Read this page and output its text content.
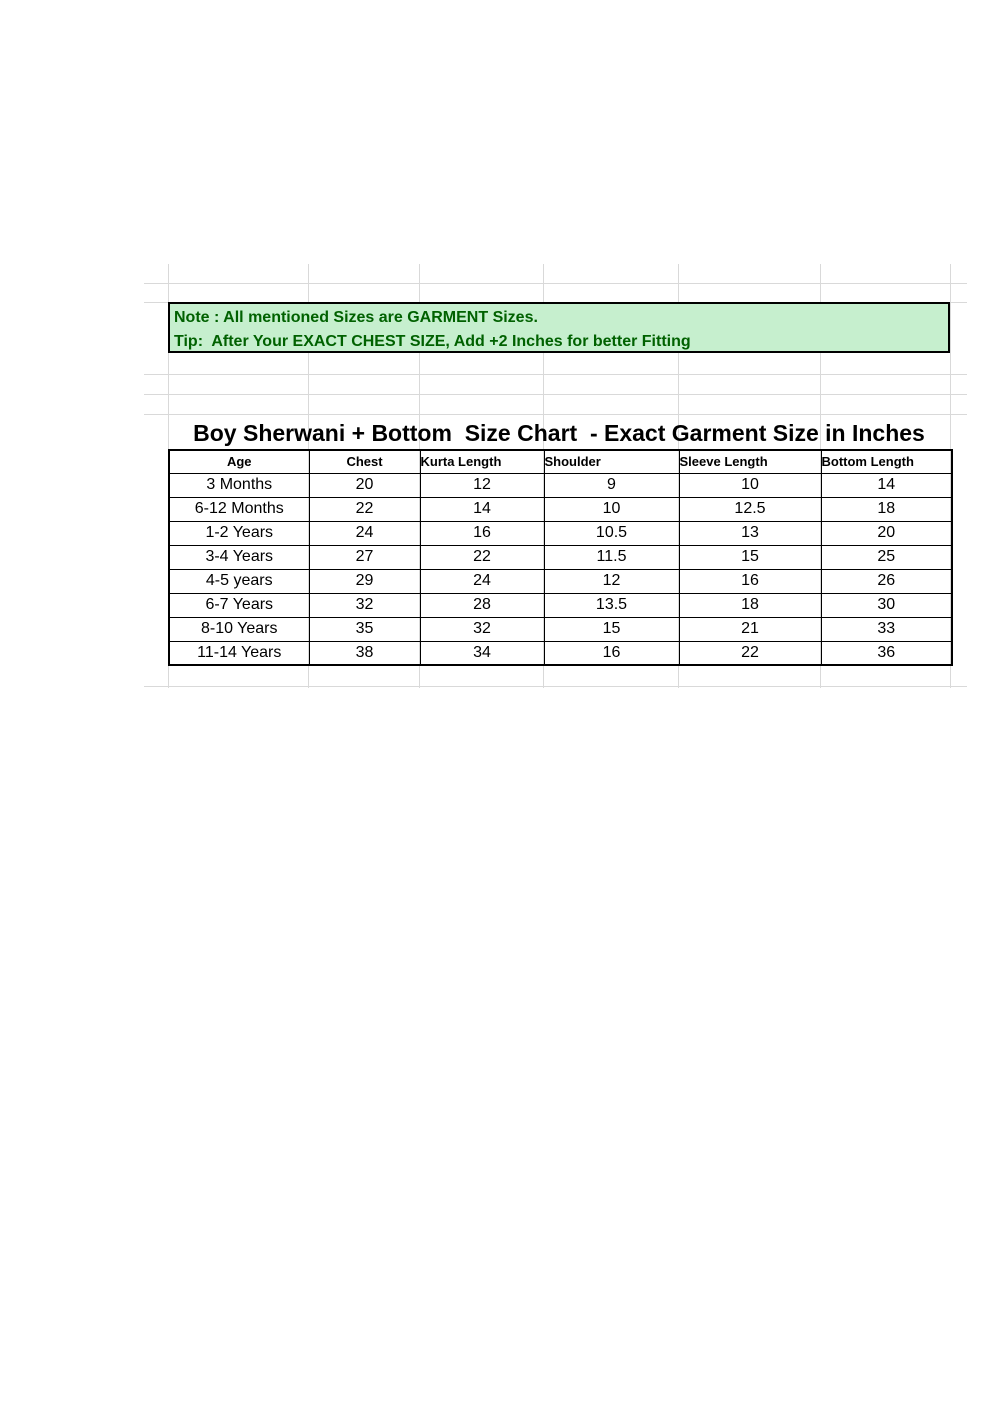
Note : All mentioned Sizes are GARMENT Sizes.
Tip:  After Your EXACT CHEST SIZE, Add +2 Inches for better Fitting
Boy Sherwani + Bottom  Size Chart  - Exact Garment Size in Inches
Age	Chest	Kurta Length	Shoulder	Sleeve Length	Bottom Length
3 Months	20	12	9	10	14
6-12 Months	22	14	10	12.5	18
1-2 Years	24	16	10.5	13	20
3-4 Years	27	22	11.5	15	25
4-5 years	29	24	12	16	26
6-7 Years	32	28	13.5	18	30
8-10 Years	35	32	15	21	33
11-14 Years	38	34	16	22	36
